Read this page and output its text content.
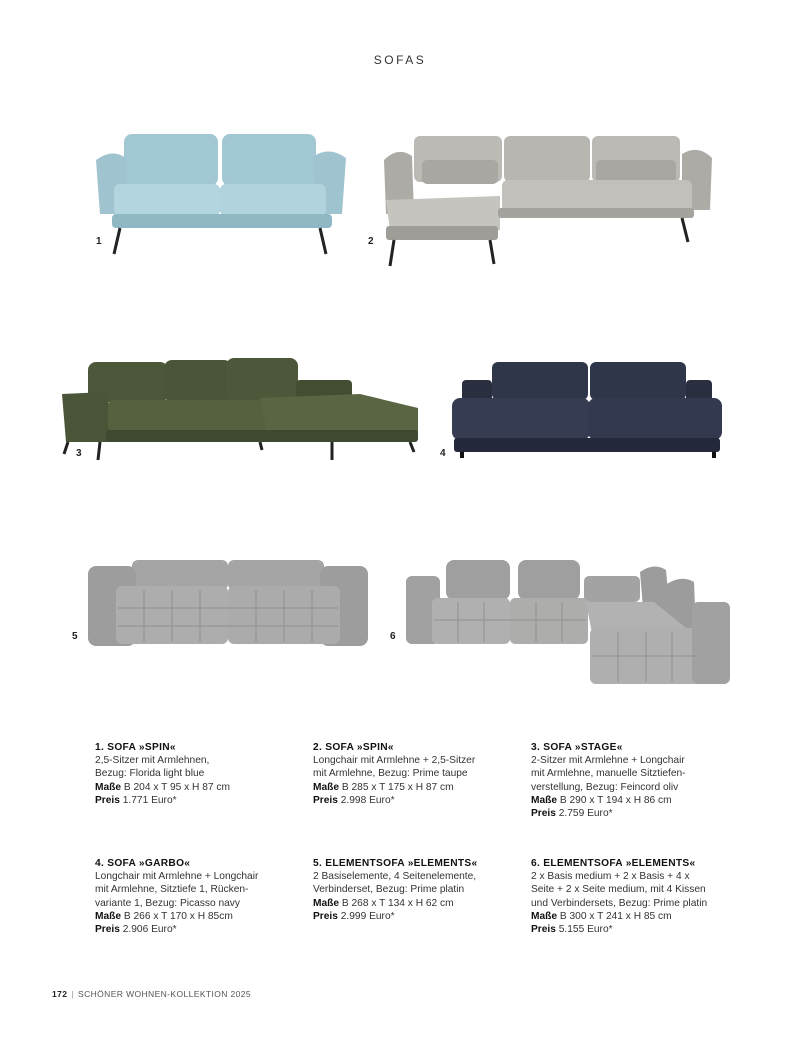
SOFAS
1	2
3	4
5	6
1. SOFA »SPIN«
2,5-Sitzer mit Armlehnen,
Bezug: Florida light blue
Maße B 204 x T 95 x H 87 cm
Preis 1.771 Euro*
2. SOFA »SPIN«
Longchair mit Armlehne + 2,5-Sitzer
mit Armlehne, Bezug: Prime taupe
Maße B 285 x T 175 x H 87 cm
Preis 2.998 Euro*
3. SOFA »STAGE«
2-Sitzer mit Armlehne + Longchair
mit Armlehne, manuelle Sitztiefen-
verstellung, Bezug: Feincord oliv
Maße B 290 x T 194 x H 86 cm
Preis 2.759 Euro*
4. SOFA »GARBO«
Longchair mit Armlehne + Longchair
mit Armlehne, Sitztiefe 1, Rücken-
variante 1, Bezug: Picasso navy
Maße B 266 x T 170 x H 85cm
Preis 2.906 Euro*
5. ELEMENTSOFA »ELEMENTS«
2 Basiselemente, 4 Seitenelemente,
Verbinderset, Bezug: Prime platin
Maße B 268 x T 134 x H 62 cm
Preis 2.999 Euro*
6. ELEMENTSOFA »ELEMENTS«
2 x Basis medium + 2 x Basis + 4 x
Seite + 2 x Seite medium, mit 4 Kissen
und Verbindersets, Bezug: Prime platin
Maße B 300 x T 241 x H 85 cm
Preis 5.155 Euro*
172 | SCHÖNER WOHNEN-KOLLEKTION 2025
